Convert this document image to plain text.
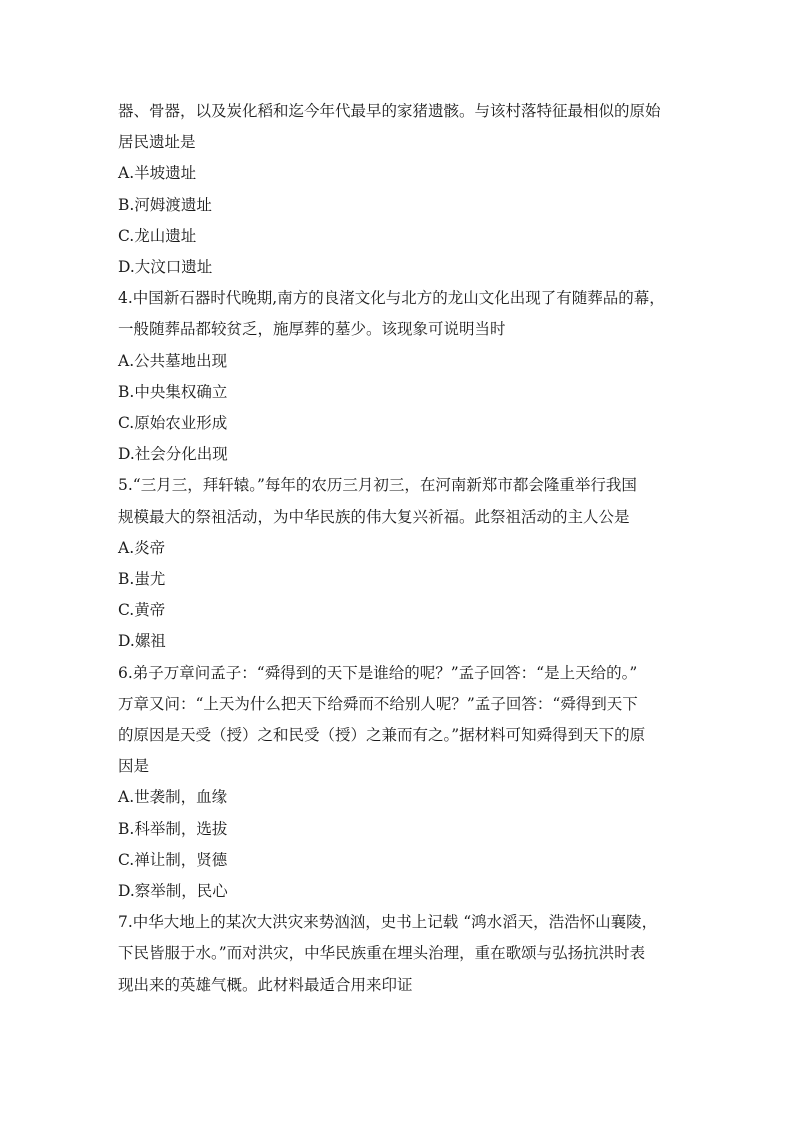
器、骨器，以及炭化稻和迄今年代最早的家猪遗骸。与该村落特征最相似的原始
居民遗址是
A.半坡遗址
B.河姆渡遗址
C.龙山遗址
D.大汶口遗址
4.中国新石器时代晚期,南方的良渚文化与北方的龙山文化出现了有随葬品的幕，
一般随葬品都较贫乏，施厚葬的墓少。该现象可说明当时
A.公共墓地出现
B.中央集权确立
C.原始农业形成
D.社会分化出现
5.“三月三，拜轩辕。”每年的农历三月初三，在河南新郑市都会隆重举行我国
规模最大的祭祖活动，为中华民族的伟大复兴祈福。此祭祖活动的主人公是
A.炎帝
B.蚩尤
C.黄帝
D.嫘祖
6.弟子万章问孟子：“舜得到的天下是谁给的呢？”孟子回答：“是上天给的。”
万章又问：“上天为什么把天下给舜而不给别人呢？”孟子回答：“舜得到天下
的原因是天受（授）之和民受（授）之兼而有之。”据材料可知舜得到天下的原
因是
A.世袭制，血缘
B.科举制，选拔
C.禅让制，贤德
D.察举制，民心
7.中华大地上的某次大洪灾来势汹汹，史书上记载 “鸿水滔天，浩浩怀山襄陵，
下民皆服于水。”而对洪灾，中华民族重在埋头治理，重在歌颂与弘扬抗洪时表
现出来的英雄气概。此材料最适合用来印证
